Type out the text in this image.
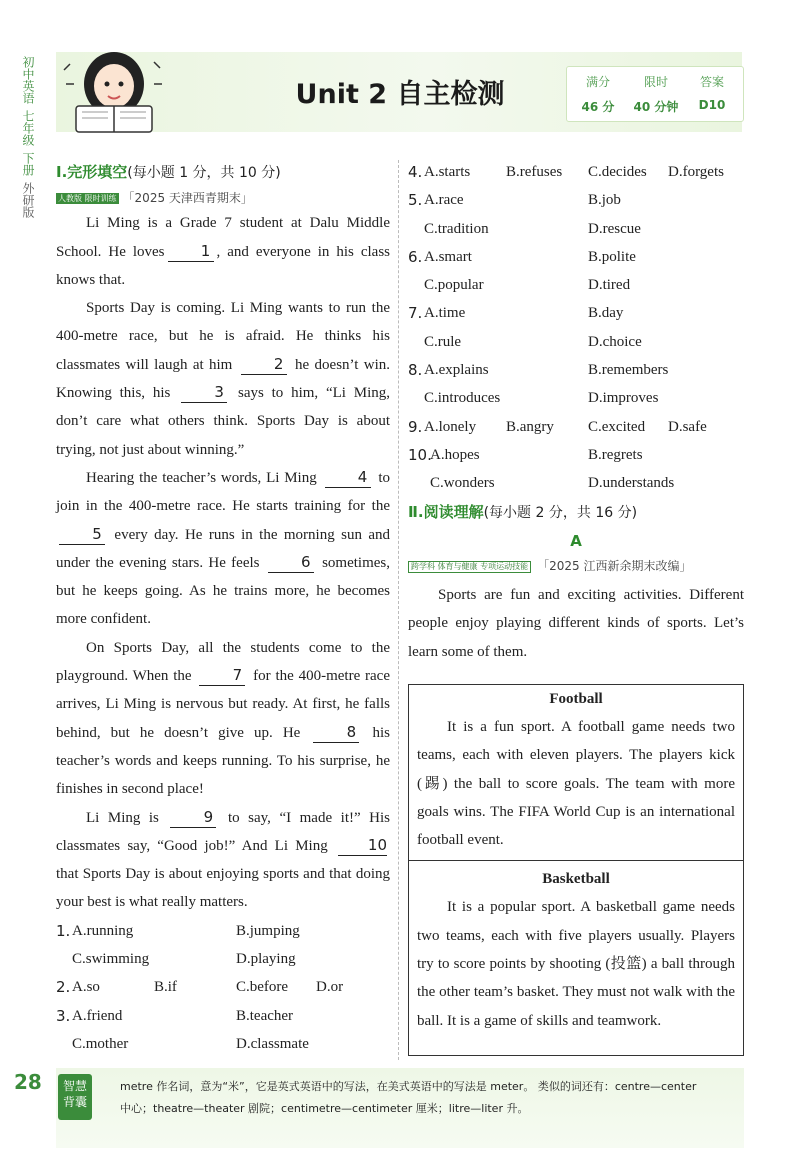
初中英语
七年级
下册
外研版
Unit 2 自主检测	满分
46 分
限时
40 分钟
答案
D10
Ⅰ.完形填空(每小题 1 分，共 10 分)
人教版 限时训练 「2025 天津西青期末」

Li Ming is a Grade 7 student at Dalu Middle School. He loves 1 , and everyone in his class knows that.

Sports Day is coming. Li Ming wants to run the 400-metre race, but he is afraid. He thinks his classmates will laugh at him	2 he doesn’t win. Knowing this, his	3 says to him, “Li Ming, don’t care what others think. Sports Day is about trying, not just about winning.”

Hearing the teacher’s words, Li Ming	4 to join in the 400-metre race. He starts training for the 5 every day. He runs in the morning sun and under the evening stars. He feels	6 sometimes, but he keeps going. As he trains more, he becomes more confident.

On Sports Day, all the students come to the playground. When the	7 for the 400-metre race arrives, Li Ming is nervous but ready. At first, he falls behind, but he doesn’t give up. He	8 his teacher’s words and keeps running. To his surprise, he finishes in second place!

Li Ming is	9 to say, “I made it!” His classmates say, “Good job!” And Li Ming	10 that Sports Day is about enjoying sports and that doing your best is what really matters.

1. A.running	B.jumping
C.swimming	D.playing
2. A.so	B.if	C.before D.or
3. A.friend	B.teacher
C.mother	D.classmate
4. A.starts B.refuses C.decides D.forgets
5. A.race	B.job
C.tradition	D.rescue
6. A.smart	B.polite
C.popular	D.tired
7. A.time	B.day
C.rule	D.choice
8. A.explains	B.remembers
C.introduces	D.improves
9. A.lonely B.angry C.excited D.safe
10.
A.hopes	B.regrets
C.wonders	D.understands
Ⅱ.阅读理解(每小题 2 分，共 16 分)
A
跨学科 体育与健康 专项运动技能 「2025 江西新余期末改编」

Sports are fun and exciting activities. Different people enjoy playing different kinds of sports. Let’s learn some of them.

Football

It is a fun sport. A football game needs two teams, each with eleven players. The players kick (踢) the ball to score goals. The team with more goals wins. The FIFA World Cup is an international football event.

Basketball

It is a popular sport. A basketball game needs two teams, each with five players usually. Players try to score points by shooting (投篮) a ball through the other team’s basket. They must not walk with the ball. It is a game of skills and teamwork.

28	智慧背囊
metre 作名词，意为“米”，它是英式英语中的写法，在美式英语中的写法是 meter。 类似的词还有：centre—center
中心；theatre—theater 剧院；centimetre—centimeter 厘米；litre—liter 升。
